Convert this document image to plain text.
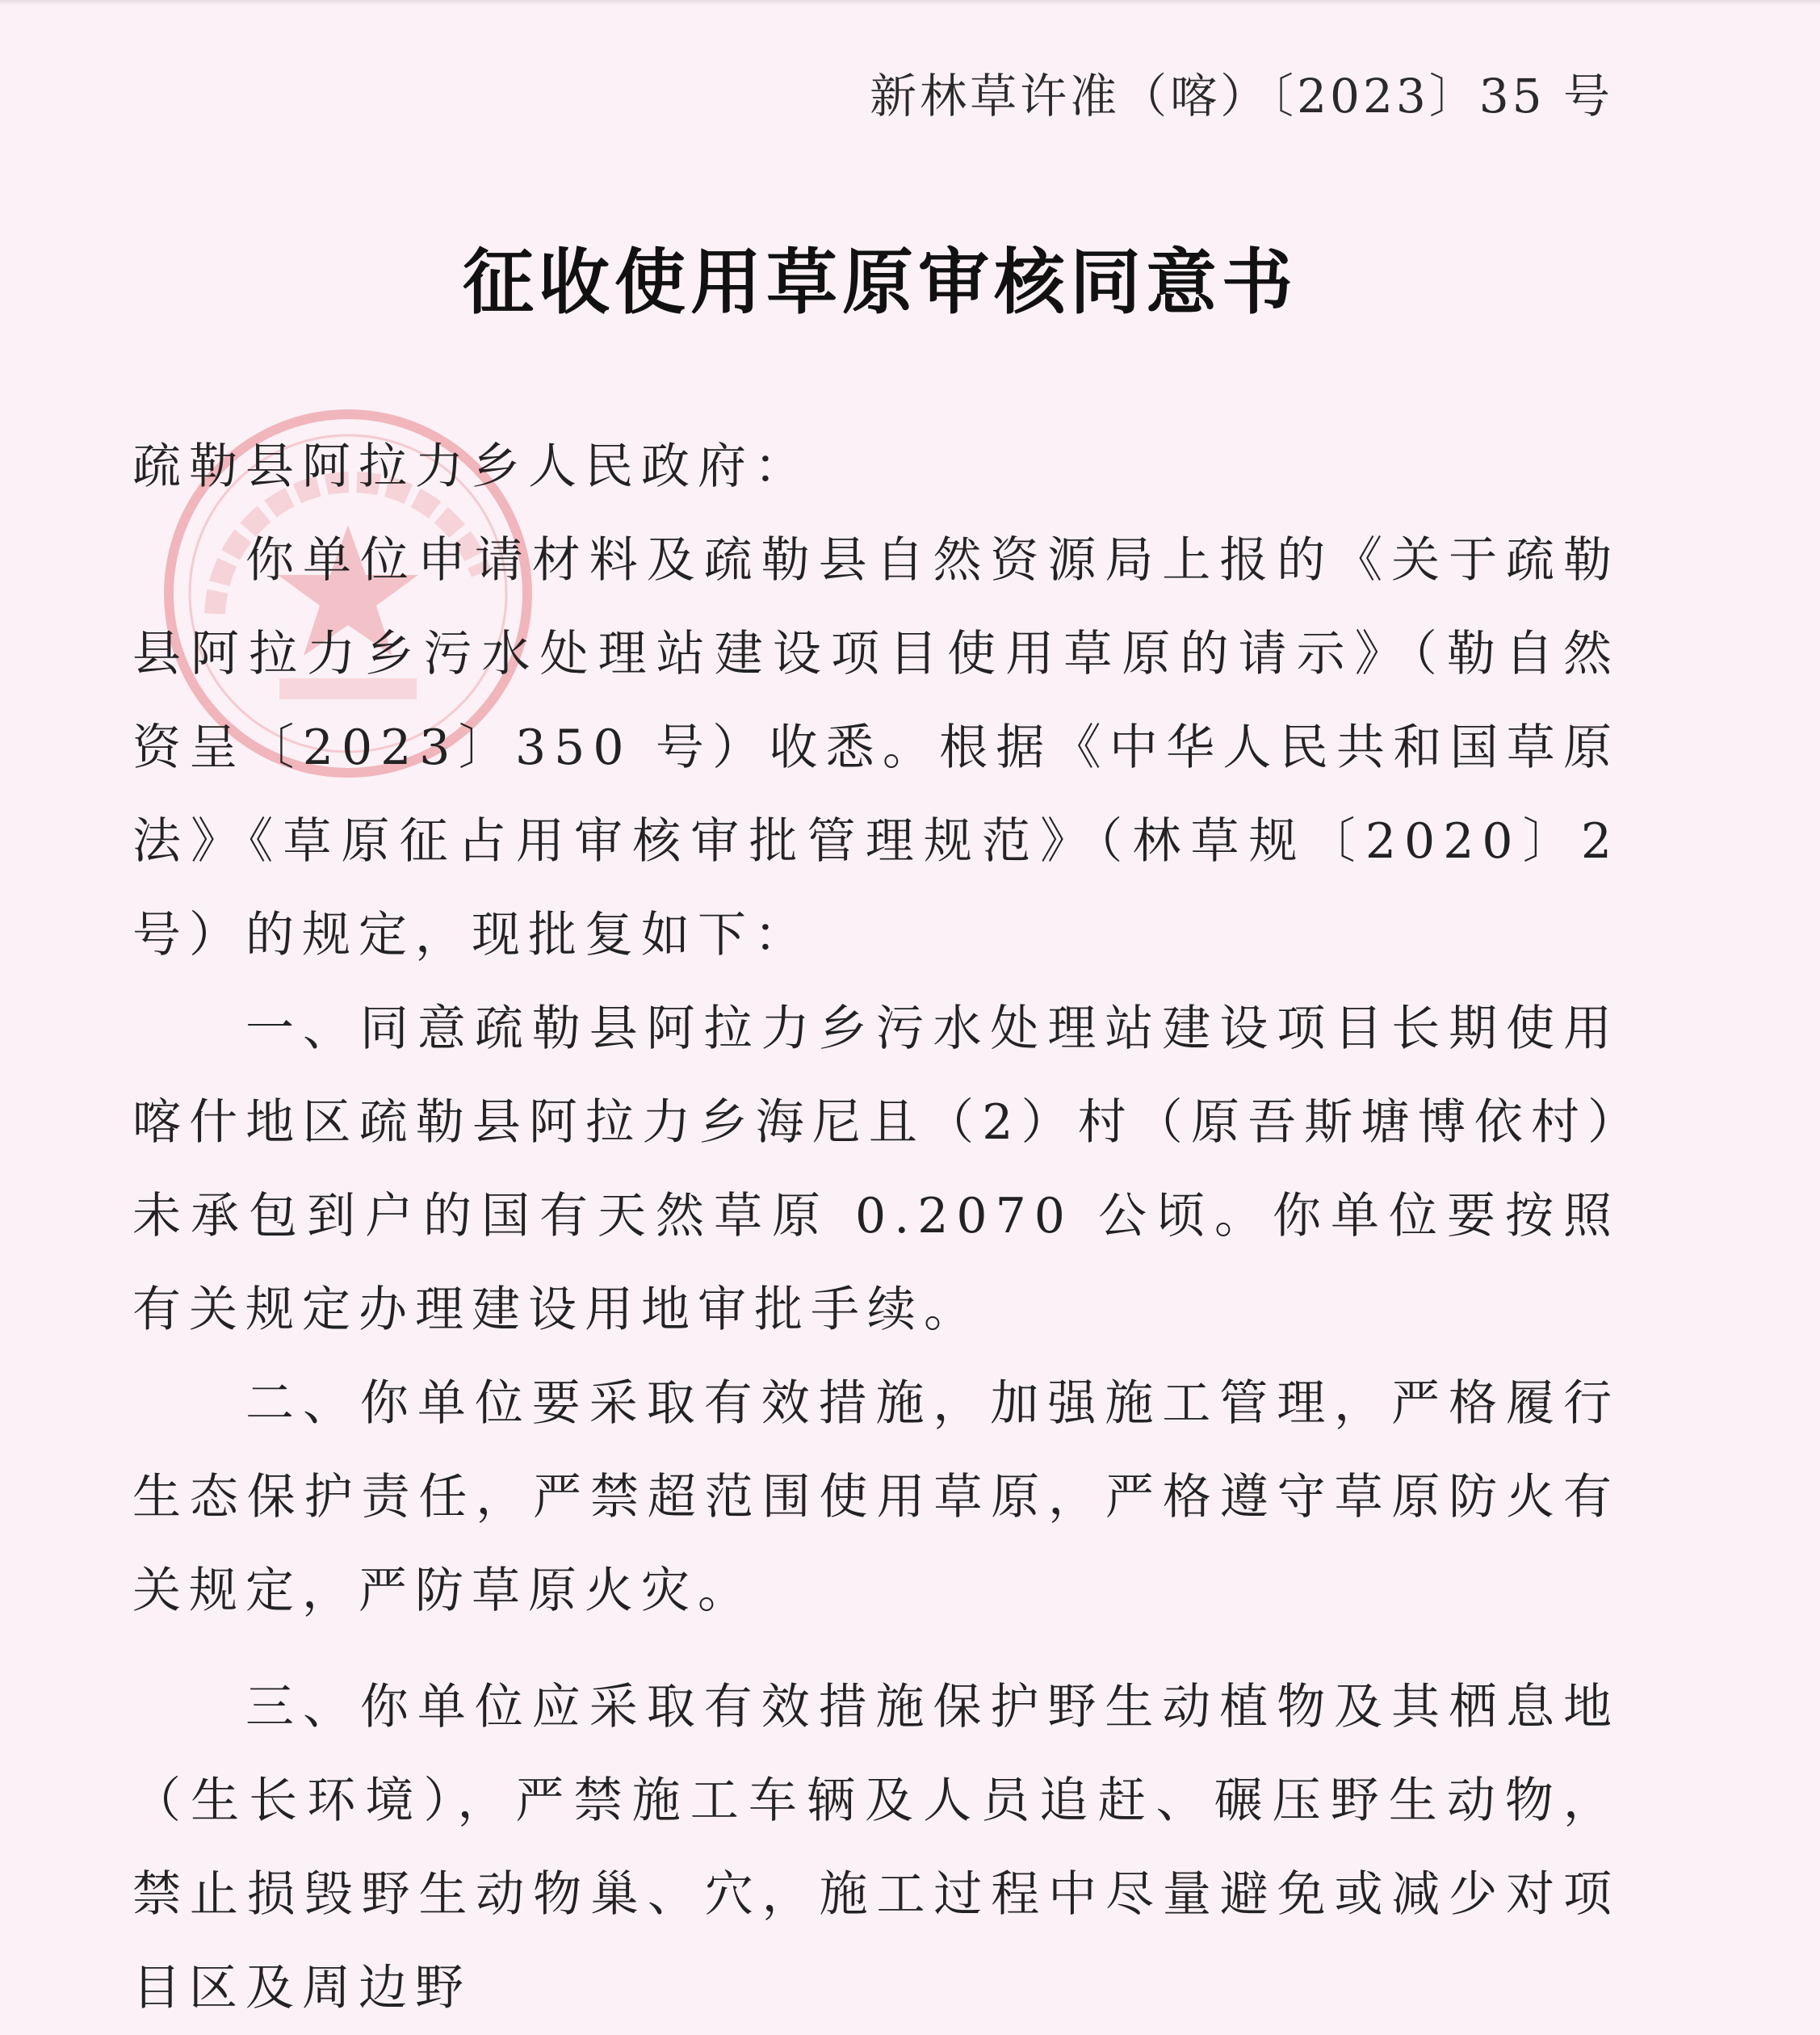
新林草许准（喀）〔2023〕35 号
征收使用草原审核同意书

疏勒县阿拉力乡人民政府：

你单位申请材料及疏勒县自然资源局上报的《关于疏勒县阿拉力乡污水处理站建设项目使用草原的请示》（勒自然资呈〔2023〕350 号）收悉。根据《中华人民共和国草原法》《草原征占用审核审批管理规范》（林草规〔2020〕2 号）的规定，现批复如下：

一、同意疏勒县阿拉力乡污水处理站建设项目长期使用喀什地区疏勒县阿拉力乡海尼且（2）村（原吾斯塘博依村）未承包到户的国有天然草原 0.2070 公顷。你单位要按照有关规定办理建设用地审批手续。

二、你单位要采取有效措施，加强施工管理，严格履行生态保护责任，严禁超范围使用草原，严格遵守草原防火有关规定，严防草原火灾。

三、你单位应采取有效措施保护野生动植物及其栖息地（生长环境），严禁施工车辆及人员追赶、碾压野生动物，禁止损毁野生动物巢、穴，施工过程中尽量避免或减少对项目区及周边野
